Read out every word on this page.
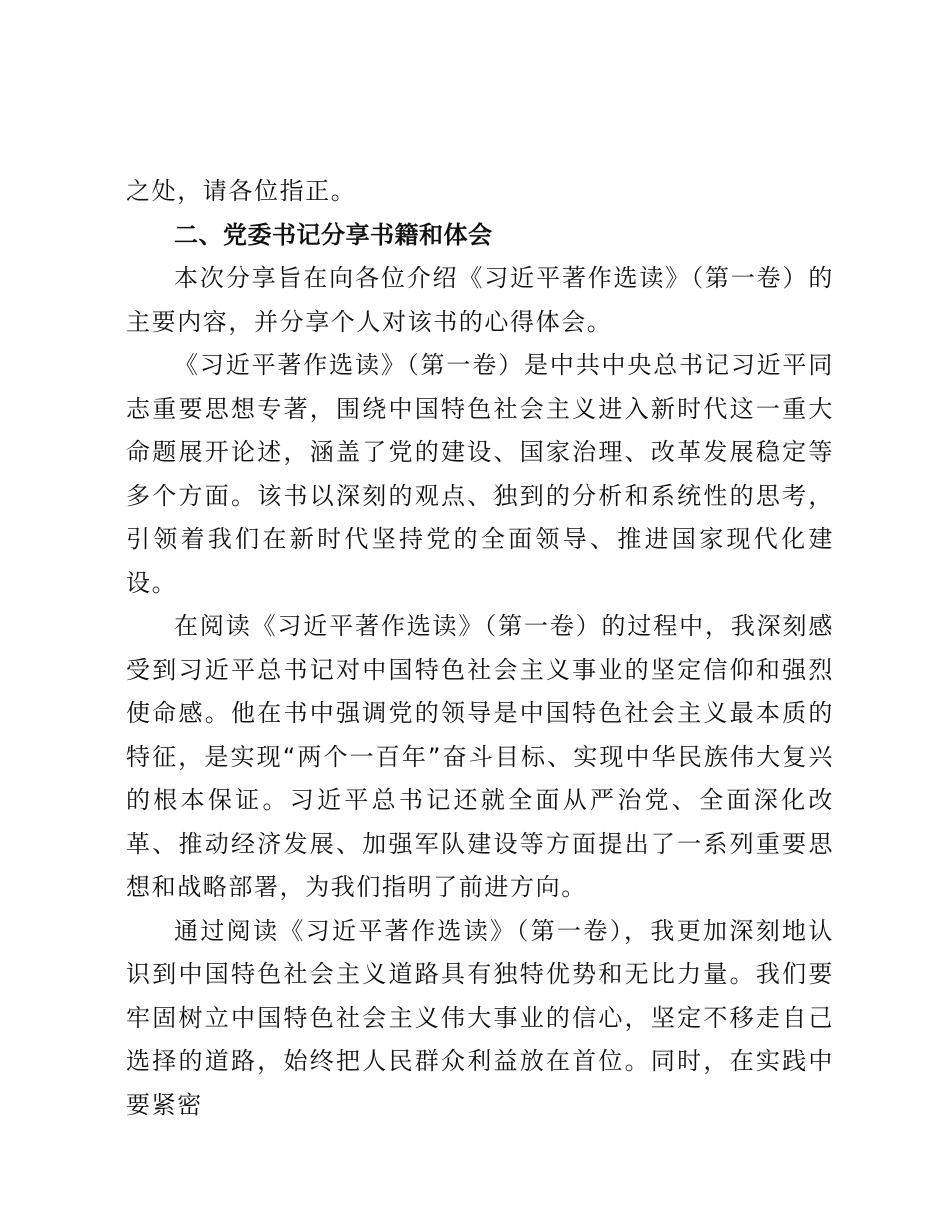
之处，请各位指正。

二、党委书记分享书籍和体会

本次分享旨在向各位介绍《习近平著作选读》（第一卷）的主要内容，并分享个人对该书的心得体会。

《习近平著作选读》（第一卷）是中共中央总书记习近平同志重要思想专著，围绕中国特色社会主义进入新时代这一重大命题展开论述，涵盖了党的建设、国家治理、改革发展稳定等多个方面。该书以深刻的观点、独到的分析和系统性的思考，引领着我们在新时代坚持党的全面领导、推进国家现代化建设。

在阅读《习近平著作选读》（第一卷）的过程中，我深刻感受到习近平总书记对中国特色社会主义事业的坚定信仰和强烈使命感。他在书中强调党的领导是中国特色社会主义最本质的特征，是实现“两个一百年”奋斗目标、实现中华民族伟大复兴的根本保证。习近平总书记还就全面从严治党、全面深化改革、推动经济发展、加强军队建设等方面提出了一系列重要思想和战略部署，为我们指明了前进方向。

通过阅读《习近平著作选读》（第一卷），我更加深刻地认识到中国特色社会主义道路具有独特优势和无比力量。我们要牢固树立中国特色社会主义伟大事业的信心，坚定不移走自己选择的道路，始终把人民群众利益放在首位。同时，在实践中要紧密
